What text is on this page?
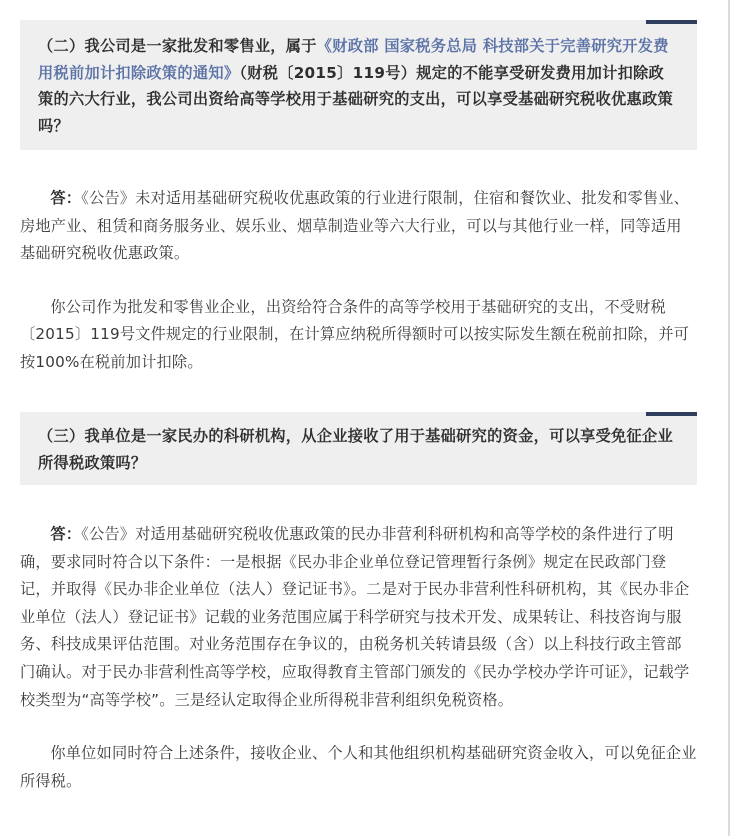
（二）我公司是一家批发和零售业，属于《财政部 国家税务总局 科技部关于完善研究开发费用税前加计扣除政策的通知》（财税〔2015〕119号）规定的不能享受研发费用加计扣除政策的六大行业，我公司出资给高等学校用于基础研究的支出，可以享受基础研究税收优惠政策吗？

答：《公告》未对适用基础研究税收优惠政策的行业进行限制，住宿和餐饮业、批发和零售业、房地产业、租赁和商务服务业、娱乐业、烟草制造业等六大行业，可以与其他行业一样，同等适用基础研究税收优惠政策。

你公司作为批发和零售业企业，出资给符合条件的高等学校用于基础研究的支出，不受财税〔2015〕119号文件规定的行业限制，在计算应纳税所得额时可以按实际发生额在税前扣除，并可按100%在税前加计扣除。

（三）我单位是一家民办的科研机构，从企业接收了用于基础研究的资金，可以享受免征企业所得税政策吗？

答：《公告》对适用基础研究税收优惠政策的民办非营利科研机构和高等学校的条件进行了明确，要求同时符合以下条件：一是根据《民办非企业单位登记管理暂行条例》规定在民政部门登记，并取得《民办非企业单位（法人）登记证书》。二是对于民办非营利性科研机构，其《民办非企业单位（法人）登记证书》记载的业务范围应属于科学研究与技术开发、成果转让、科技咨询与服务、科技成果评估范围。对业务范围存在争议的，由税务机关转请县级（含）以上科技行政主管部门确认。对于民办非营利性高等学校，应取得教育主管部门颁发的《民办学校办学许可证》，记载学校类型为“高等学校”。三是经认定取得企业所得税非营利组织免税资格。

你单位如同时符合上述条件，接收企业、个人和其他组织机构基础研究资金收入，可以免征企业所得税。
